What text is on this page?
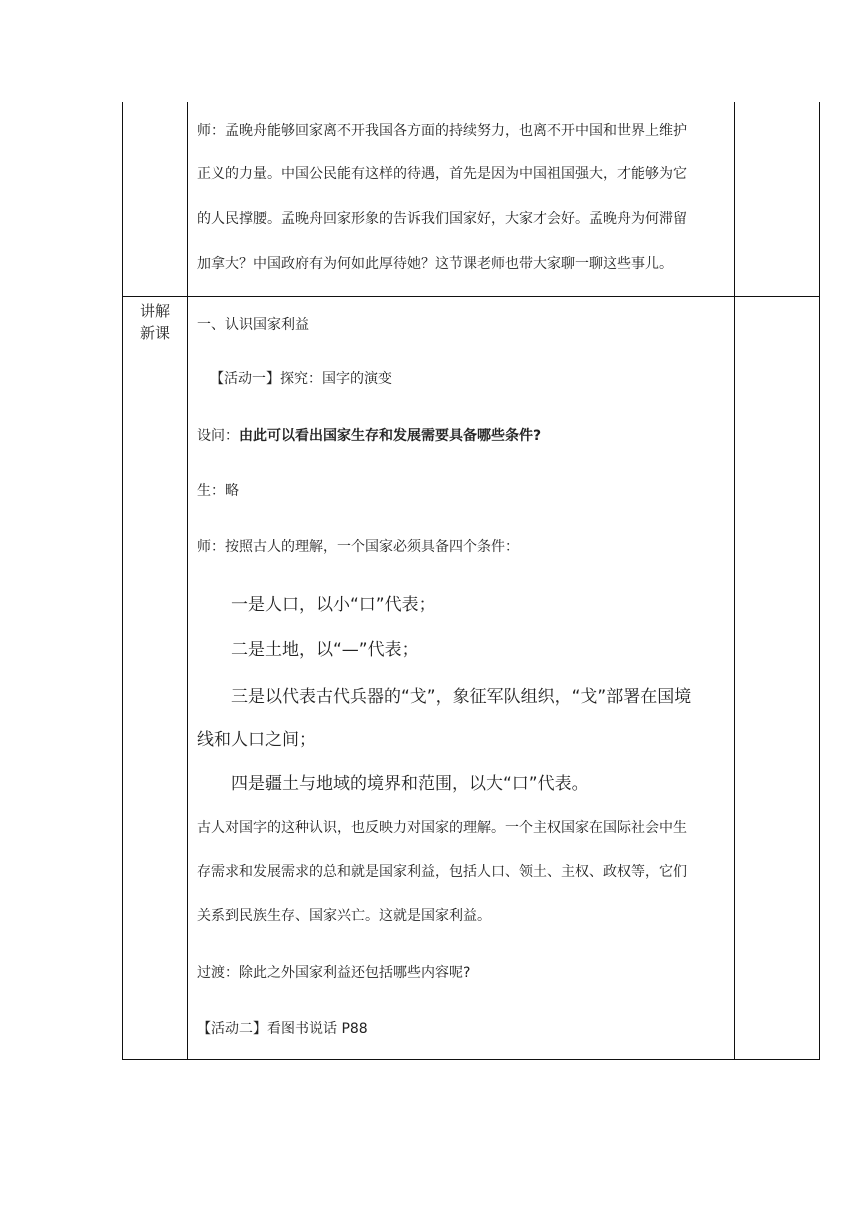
师：孟晚舟能够回家离不开我国各方面的持续努力，也离不开中国和世界上维护
正义的力量。中国公民能有这样的待遇，首先是因为中国祖国强大，才能够为它
的人民撑腰。孟晚舟回家形象的告诉我们国家好，大家才会好。孟晚舟为何滞留
加拿大？中国政府有为何如此厚待她？这节课老师也带大家聊一聊这些事儿。
讲解
新课	一、认识国家利益
【活动一】探究：国字的演变
设问：由此可以看出国家生存和发展需要具备哪些条件?
生：略
师：按照古人的理解，一个国家必须具备四个条件：
一是人口，以小“口”代表；
二是土地，以“—”代表；
三是以代表古代兵器的“戈”，象征军队组织，“戈”部署在国境
线和人口之间；
四是疆土与地域的境界和范围，以大“口”代表。
古人对国字的这种认识，也反映力对国家的理解。一个主权国家在国际社会中生
存需求和发展需求的总和就是国家利益，包括人口、领土、主权、政权等，它们
关系到民族生存、国家兴亡。这就是国家利益。
过渡：除此之外国家利益还包括哪些内容呢?
【活动二】看图书说话 P88
